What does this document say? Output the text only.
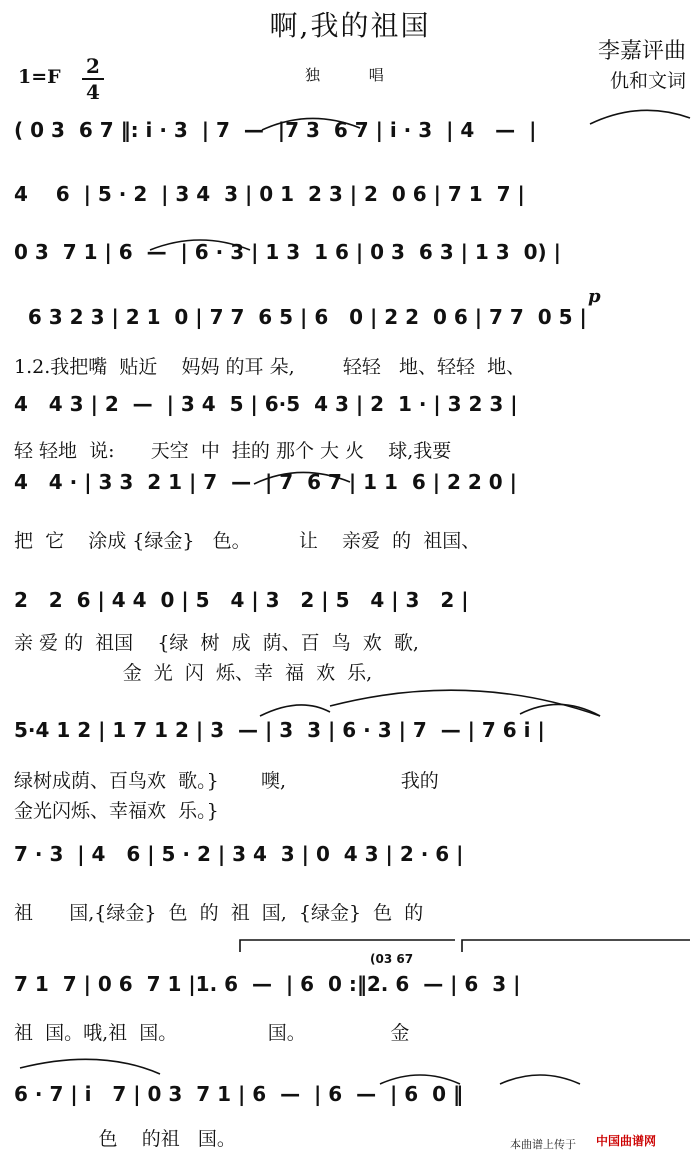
啊,我的祖国
李嘉评曲
仇和文词
1=F 2
4
独 唱
( 0 3  6 7 ‖: i · 3  | 7  —  |7 3  6 7 | i · 3  | 4   —  |
4    6  | 5 · 2  | 3 4  3 | 0 1  2 3 | 2  0 6 | 7 1  7 |
0 3  7 1 | 6  —  | 6 · 3 | 1 3  1 6 | 0 3  6 3 | 1 3  0) |
6 3 2 3 | 2 1  0 | 7 7  6 5 | 6   0 | 2 2  0 6 | 7 7  0 5 |
1.2.我把嘴  贴近    妈妈 的耳 朵,        轻轻   地、轻轻  地、
p
4   4 3 | 2  —  | 3 4  5 | 6·5  4 3 | 2  1 · | 3 2 3 |
轻 轻地  说:      天空  中  挂的 那个 大 火    球,我要
4   4 · | 3 3  2 1 | 7  —  | 7  6 7 | 1 1  6 | 2 2 0 |
把  它    涂成 {绿金}   色。        让    亲爱  的  祖国、
2   2  6 | 4 4  0 | 5   4 | 3   2 | 5   4 | 3   2 |
亲 爱 的  祖国    {绿  树  成  荫、百  鸟  欢  歌,
金  光  闪  烁、幸  福  欢  乐,
5·4 1 2 | 1 7 1 2 | 3  — | 3  3 | 6 · 3 | 7  — | 7 6 i |
绿树成荫、百鸟欢  歌。}       噢,                   我的
金光闪烁、幸福欢  乐。}
7 · 3  | 4   6 | 5 · 2 | 3 4  3 | 0  4 3 | 2 · 6 |
祖      国,{绿金}  色  的  祖  国,  {绿金}  色  的
7 1  7 | 0 6  7 1 |1. 6  —  | 6  0 :‖2. 6  — | 6  3 |
祖  国。哦,祖  国。               国。              金
(03 67
6 · 7 | i   7 | 0 3  7 1 | 6  —  | 6  —  | 6  0 ‖
色    的祖   国。	本曲谱上传于 中国曲谱网
